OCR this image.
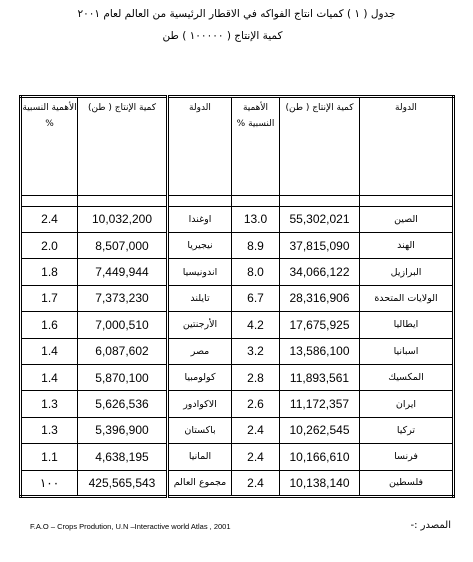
جدول ( ١ ) كميات انتاج الفواكه في الاقطار الرئيسية من العالم لعام ٢٠٠١
كمية الإنتاج ( ١٠٠٠٠٠ ) طن
الأهمية النسبية %	كمية الإنتاج ( طن)	الدولة	الأهمية النسبية %	كمية الإنتاج ( طن)	الدولة

2.4	10,032,200	اوغندا	13.0	55,302,021	الصين
2.0	8,507,000	نيجيريا	8.9	37,815,090	الهند
1.8	7,449,944	اندونيسيا	8.0	34,066,122	البرازيل
1.7	7,373,230	تايلند	6.7	28,316,906	الولايات المتحدة
1.6	7,000,510	الأرجنتين	4.2	17,675,925	ايطاليا
1.4	6,087,602	مصر	3.2	13,586,100	اسبانيا
1.4	5,870,100	كولومبيا	2.8	11,893,561	المكسيك
1.3	5,626,536	الاكوادور	2.6	11,172,357	ايران
1.3	5,396,900	باكستان	2.4	10,262,545	تركيا
1.1	4,638,195	المانيا	2.4	10,166,610	فرنسا
١٠٠	425,565,543	مجموع العالم	2.4	10,138,140	فلسطين
F.A.O – Crops Prodution, U.N –Interactive world Atlas , 2001	المصدر :-
